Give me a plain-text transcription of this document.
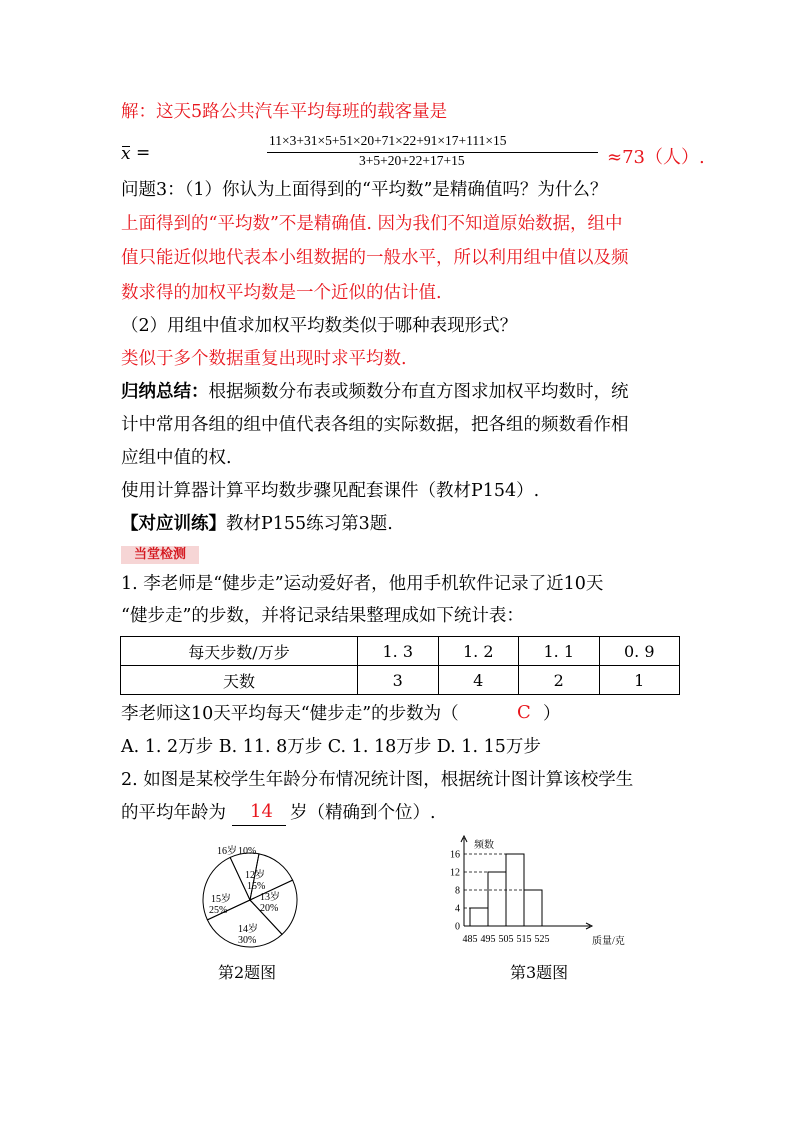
解：这天5路公共汽车平均每班的载客量是
x =
11×3+31×5+51×20+71×22+91×17+111×15
3+5+20+22+17+15	≈73（人）.
问题3：（1）你认为上面得到的“平均数”是精确值吗？为什么？
上面得到的“平均数”不是精确值. 因为我们不知道原始数据，组中
值只能近似地代表本小组数据的一般水平，所以利用组中值以及频
数求得的加权平均数是一个近似的估计值.
（2）用组中值求加权平均数类似于哪种表现形式？
类似于多个数据重复出现时求平均数.
归纳总结：根据频数分布表或频数分布直方图求加权平均数时，统
计中常用各组的组中值代表各组的实际数据，把各组的频数看作相
应组中值的权.
使用计算器计算平均数步骤见配套课件（教材P154）.
【对应训练】教材P155练习第3题.
当堂检测
1. 李老师是“健步走”运动爱好者，他用手机软件记录了近10天
“健步走”的步数，并将记录结果整理成如下统计表：
每天步数/万步	1. 3	1. 2	1. 1	0. 9
天数	3	4	2	1
李老师这10天平均每天“健步走”的步数为（	C ）
A. 1. 2万步 B. 11. 8万步 C. 1. 18万步 D. 1. 15万步
2. 如图是某校学生年龄分布情况统计图，根据统计图计算该校学生
的平均年龄为 14 岁（精确到个位）.
16岁 10%
12岁
15%
13岁
20%
14岁
30%
15岁
25%
第2题图
频数
质量/克
0
4
8
12
16
485 495 505 515 525
第3题图
